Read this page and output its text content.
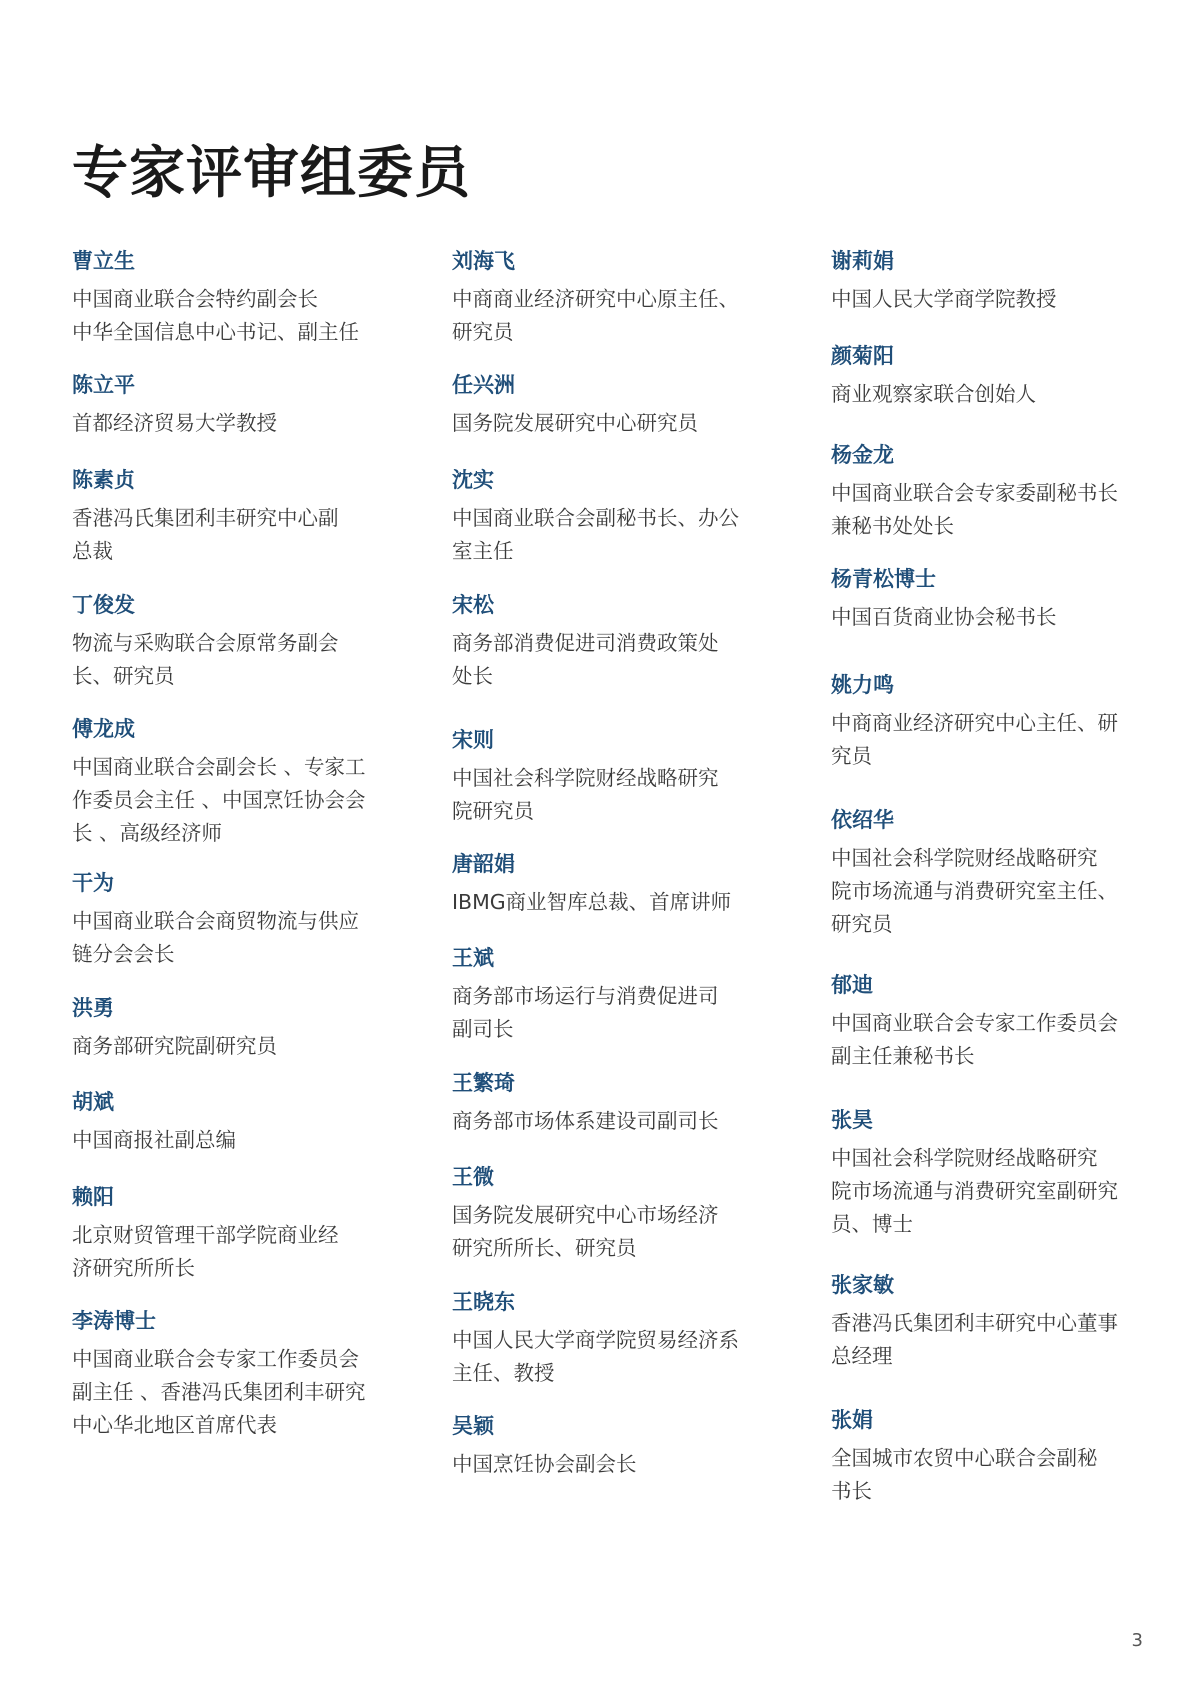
专家评审组委员
曹立生
中国商业联合会特约副会长
中华全国信息中心书记、副主任
陈立平
首都经济贸易大学教授
陈素贞
香港冯氏集团利丰研究中心副
总裁
丁俊发
物流与采购联合会原常务副会
长、研究员
傅龙成
中国商业联合会副会长 、专家工
作委员会主任 、中国烹饪协会会
长 、高级经济师
干为
中国商业联合会商贸物流与供应
链分会会长
洪勇
商务部研究院副研究员
胡斌
中国商报社副总编
赖阳
北京财贸管理干部学院商业经
济研究所所长
李涛博士
中国商业联合会专家工作委员会
副主任 、香港冯氏集团利丰研究
中心华北地区首席代表
刘海飞
中商商业经济研究中心原主任、
研究员
任兴洲
国务院发展研究中心研究员
沈实
中国商业联合会副秘书长、办公
室主任
宋松
商务部消费促进司消费政策处
处长
宋则
中国社会科学院财经战略研究
院研究员
唐韶娟
IBMG商业智库总裁、首席讲师
王斌
商务部市场运行与消费促进司
副司长
王繁琦
商务部市场体系建设司副司长
王微
国务院发展研究中心市场经济
研究所所长、研究员
王晓东
中国人民大学商学院贸易经济系
主任、教授
吴颖
中国烹饪协会副会长
谢莉娟
中国人民大学商学院教授
颜菊阳
商业观察家联合创始人
杨金龙
中国商业联合会专家委副秘书长
兼秘书处处长
杨青松博士
中国百货商业协会秘书长
姚力鸣
中商商业经济研究中心主任、研
究员
依绍华
中国社会科学院财经战略研究
院市场流通与消费研究室主任、
研究员
郁迪
中国商业联合会专家工作委员会
副主任兼秘书长
张昊
中国社会科学院财经战略研究
院市场流通与消费研究室副研究
员、博士
张家敏
香港冯氏集团利丰研究中心董事
总经理
张娟
全国城市农贸中心联合会副秘
书长
3
